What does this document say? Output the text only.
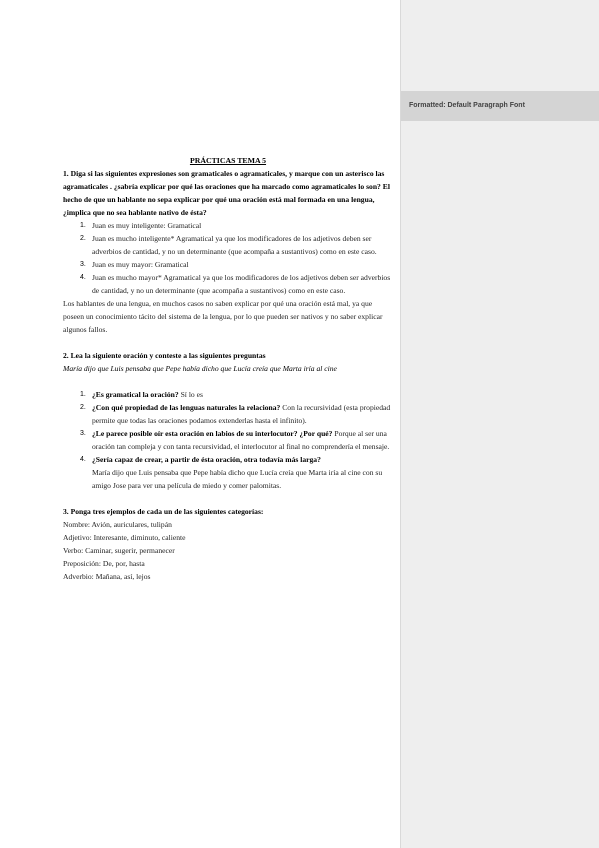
PRÁCTICAS TEMA 5

1. Diga si las siguientes expresiones son gramaticales o agramaticales, y marque con un asterisco las agramaticales . ¿sabría explicar por qué las oraciones que ha marcado como agramaticales lo son? El hecho de que un hablante no sepa explicar por qué una oración está mal formada en una lengua, ¿implica que no sea hablante nativo de ésta?

1. Juan es muy inteligente: Gramatical
2. Juan es mucho inteligente* Agramatical ya que los modificadores de los adjetivos deben ser adverbios de cantidad, y no un determinante (que acompaña a sustantivos) como en este caso.
3. Juan es muy mayor: Gramatical
4. Juan es mucho mayor* Agramatical ya que los modificadores de los adjetivos deben ser adverbios de cantidad, y no un determinante (que acompaña a sustantivos) como en este caso.

Los hablantes de una lengua, en muchos casos no saben explicar por qué una oración está mal, ya que poseen un conocimiento tácito del sistema de la lengua, por lo que pueden ser nativos y no saber explicar algunos fallos.

2. Lea la siguiente oración y conteste a las siguientes preguntas

María dijo que Luis pensaba que Pepe había dicho que Lucía creía que Marta iría al cine

1. ¿Es gramatical la oración? Sí lo es
2. ¿Con qué propiedad de las lenguas naturales la relaciona? Con la recursividad (esta propiedad permite que todas las oraciones podamos extenderlas hasta el infinito).
3. ¿Le parece posible oír esta oración en labios de su interlocutor? ¿Por qué? Porque al ser una oración tan compleja y con tanta recursividad, el interlocutor al final no comprendería el mensaje.
4. ¿Sería capaz de crear, a partir de ésta oración, otra todavía más larga?
María dijo que Luis pensaba que Pepe había dicho que Lucía creía que Marta iría al cine con su amigo Jose para ver una película de miedo y comer palomitas.

3. Ponga tres ejemplos de cada un de las siguientes categorías:

Nombre: Avión, auriculares, tulipán

Adjetivo: Interesante, diminuto, caliente

Verbo: Caminar, sugerir, permanecer

Preposición: De, por, hasta

Adverbio: Mañana, así, lejos

Formatted: Default Paragraph Font
